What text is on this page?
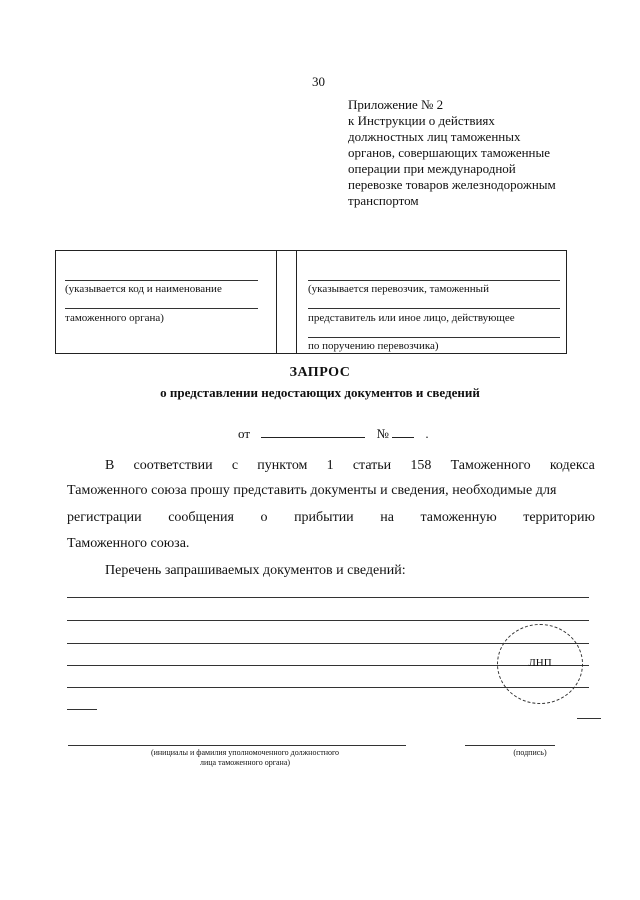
30
Приложение № 2
к Инструкции о действиях
должностных лиц таможенных
органов, совершающих таможенные
операции при международной
перевозке товаров железнодорожным
транспортом
(указывается код и наименование
таможенного органа)
(указывается перевозчик, таможенный
представитель или иное лицо, действующее
по поручению перевозчика)
ЗАПРОС
о представлении недостающих документов и сведений
от	№	.
В соответствии с пунктом 1 статьи 158 Таможенного кодекса
Таможенного союза прошу представить документы и сведения, необходимые для
регистрации сообщения о прибытии на таможенную территорию
Таможенного союза.
Перечень запрашиваемых документов и сведений:
ЛНП
(инициалы и фамилия уполномоченного должностного
лица таможенного органа)
(подпись)
